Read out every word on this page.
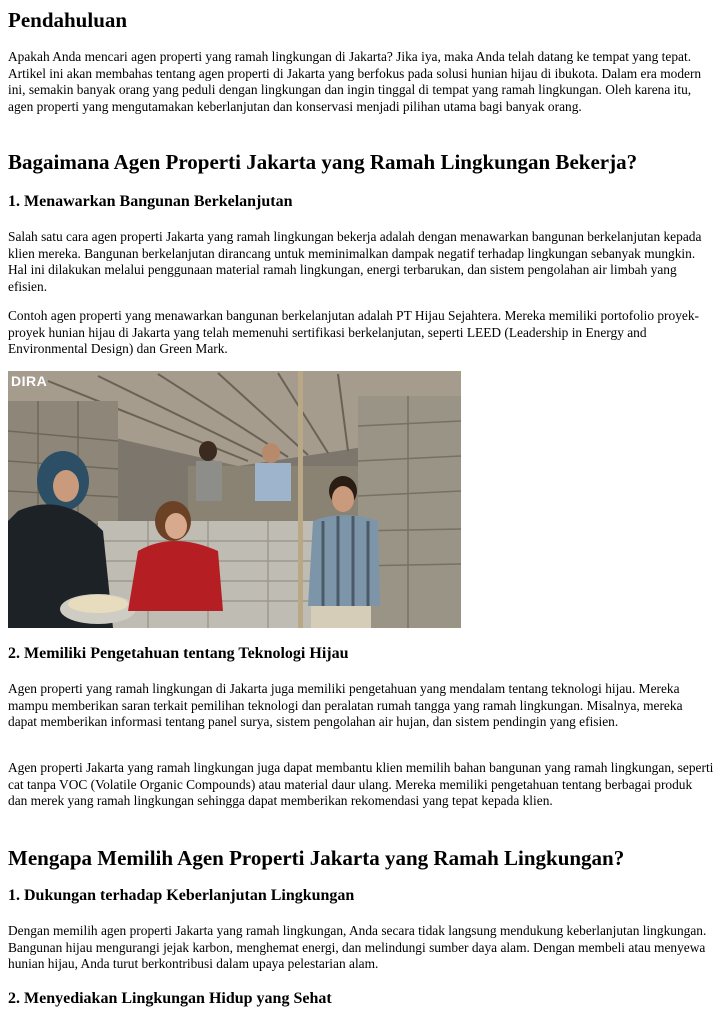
Pendahuluan

Apakah Anda mencari agen properti yang ramah lingkungan di Jakarta? Jika iya, maka Anda telah datang ke tempat yang tepat. Artikel ini akan membahas tentang agen properti di Jakarta yang berfokus pada solusi hunian hijau di ibukota. Dalam era modern ini, semakin banyak orang yang peduli dengan lingkungan dan ingin tinggal di tempat yang ramah lingkungan. Oleh karena itu, agen properti yang mengutamakan keberlanjutan dan konservasi menjadi pilihan utama bagi banyak orang.

Bagaimana Agen Properti Jakarta yang Ramah Lingkungan Bekerja?
1. Menawarkan Bangunan Berkelanjutan

Salah satu cara agen properti Jakarta yang ramah lingkungan bekerja adalah dengan menawarkan bangunan berkelanjutan kepada klien mereka. Bangunan berkelanjutan dirancang untuk meminimalkan dampak negatif terhadap lingkungan sebanyak mungkin. Hal ini dilakukan melalui penggunaan material ramah lingkungan, energi terbarukan, dan sistem pengolahan air limbah yang efisien.

Contoh agen properti yang menawarkan bangunan berkelanjutan adalah PT Hijau Sejahtera. Mereka memiliki portofolio proyek-proyek hunian hijau di Jakarta yang telah memenuhi sertifikasi berkelanjutan, seperti LEED (Leadership in Energy and Environmental Design) dan Green Mark.

DIRA
2. Memiliki Pengetahuan tentang Teknologi Hijau

Agen properti yang ramah lingkungan di Jakarta juga memiliki pengetahuan yang mendalam tentang teknologi hijau. Mereka mampu memberikan saran terkait pemilihan teknologi dan peralatan rumah tangga yang ramah lingkungan. Misalnya, mereka dapat memberikan informasi tentang panel surya, sistem pengolahan air hujan, dan sistem pendingin yang efisien.

Agen properti Jakarta yang ramah lingkungan juga dapat membantu klien memilih bahan bangunan yang ramah lingkungan, seperti cat tanpa VOC (Volatile Organic Compounds) atau material daur ulang. Mereka memiliki pengetahuan tentang berbagai produk dan merek yang ramah lingkungan sehingga dapat memberikan rekomendasi yang tepat kepada klien.

Mengapa Memilih Agen Properti Jakarta yang Ramah Lingkungan?
1. Dukungan terhadap Keberlanjutan Lingkungan

Dengan memilih agen properti Jakarta yang ramah lingkungan, Anda secara tidak langsung mendukung keberlanjutan lingkungan. Bangunan hijau mengurangi jejak karbon, menghemat energi, dan melindungi sumber daya alam. Dengan membeli atau menyewa hunian hijau, Anda turut berkontribusi dalam upaya pelestarian alam.

2. Menyediakan Lingkungan Hidup yang Sehat
